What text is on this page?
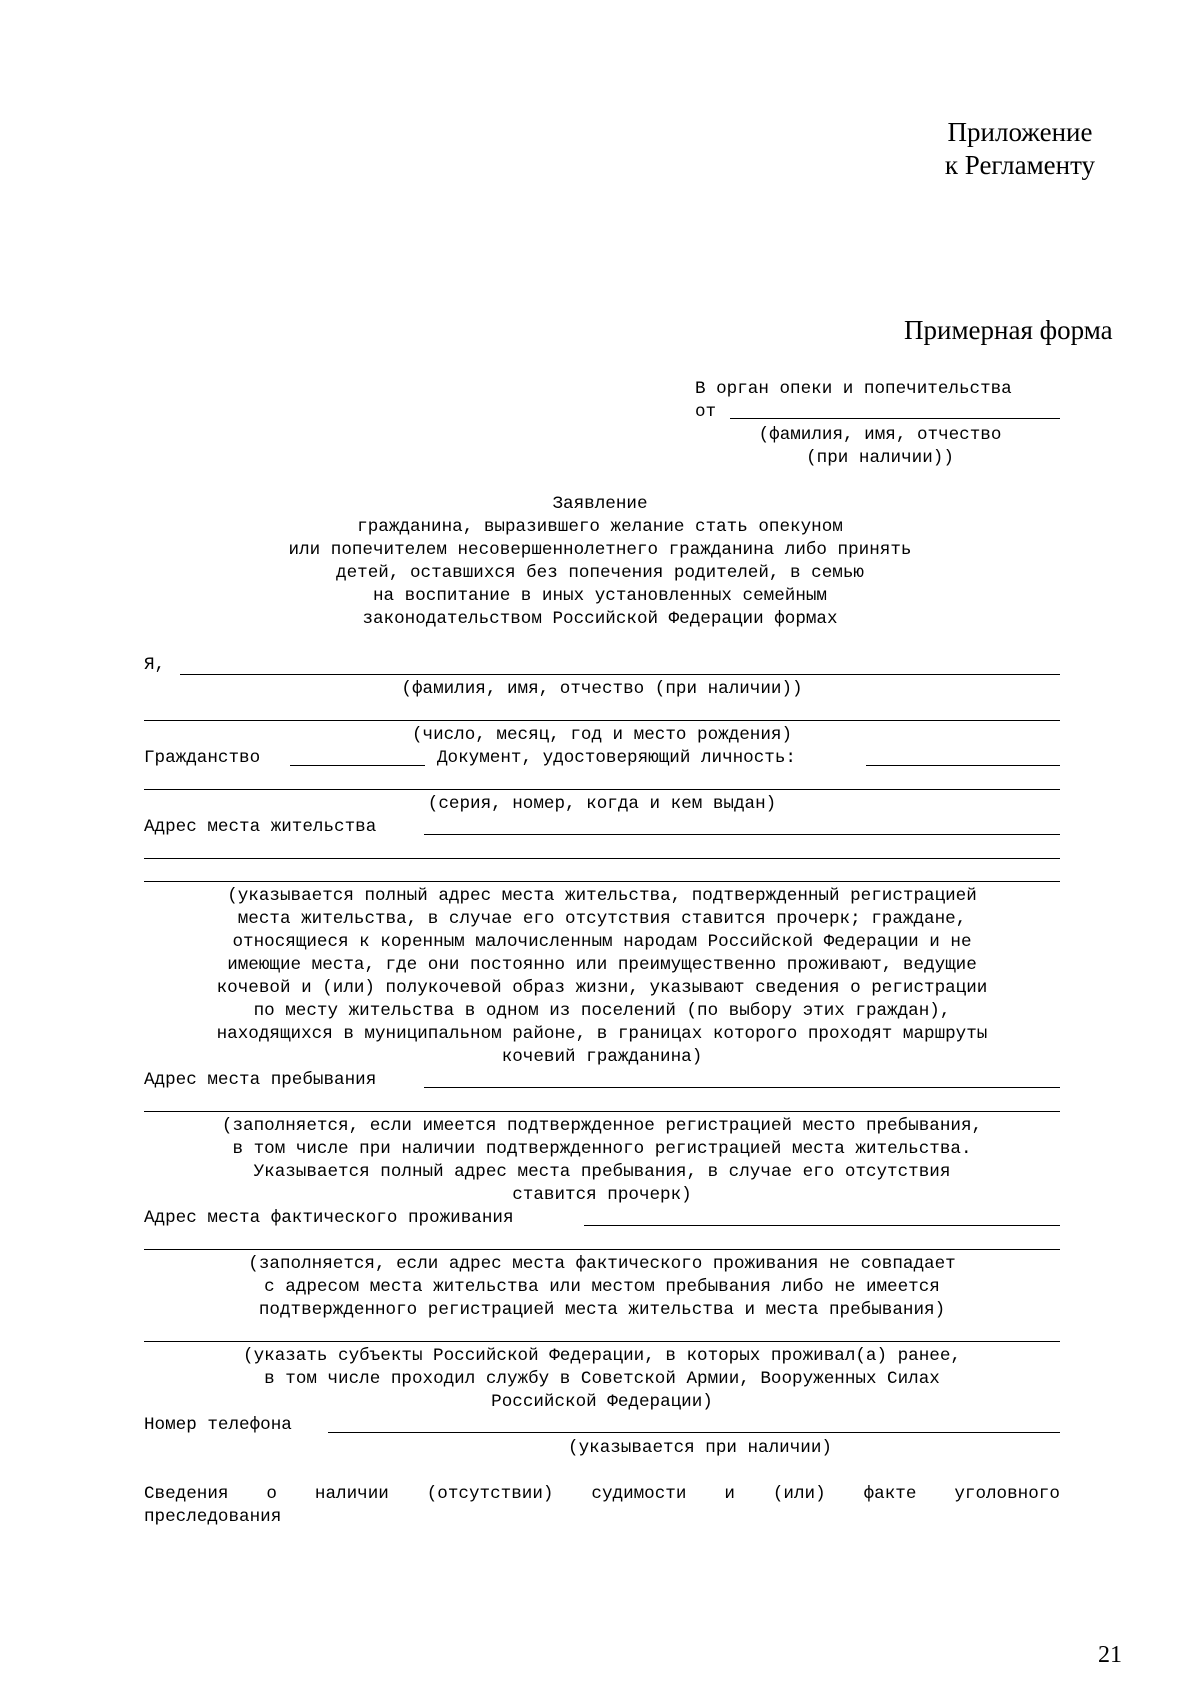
Приложение
к Регламенту
Примерная форма
В орган опеки и попечительства
от
(фамилия, имя, отчество
(при наличии))
Заявление
гражданина, выразившего желание стать опекуном
или попечителем несовершеннолетнего гражданина либо принять
детей, оставшихся без попечения родителей, в семью
на воспитание в иных установленных семейным
законодательством Российской Федерации формах
Я,
(фамилия, имя, отчество (при наличии))
(число, месяц, год и место рождения)
Гражданство	Документ, удостоверяющий личность:
(серия, номер, когда и кем выдан)
Адрес места жительства
(указывается полный адрес места жительства, подтвержденный регистрацией
места жительства, в случае его отсутствия ставится прочерк; граждане,
относящиеся к коренным малочисленным народам Российской Федерации и не
имеющие места, где они постоянно или преимущественно проживают, ведущие
кочевой и (или) полукочевой образ жизни, указывают сведения о регистрации
по месту жительства в одном из поселений (по выбору этих граждан),
находящихся в муниципальном районе, в границах которого проходят маршруты
кочевий гражданина)
Адрес места пребывания
(заполняется, если имеется подтвержденное регистрацией место пребывания,
в том числе при наличии подтвержденного регистрацией места жительства.
Указывается полный адрес места пребывания, в случае его отсутствия
ставится прочерк)
Адрес места фактического проживания
(заполняется, если адрес места фактического проживания не совпадает
с адресом места жительства или местом пребывания либо не имеется
подтвержденного регистрацией места жительства и места пребывания)
(указать субъекты Российской Федерации, в которых проживал(а) ранее,
в том числе проходил службу в Советской Армии, Вооруженных Силах
Российской Федерации)
Номер телефона
(указывается при наличии)
Сведения о наличии (отсутствии) судимости и (или) факте уголовного
преследования
21
